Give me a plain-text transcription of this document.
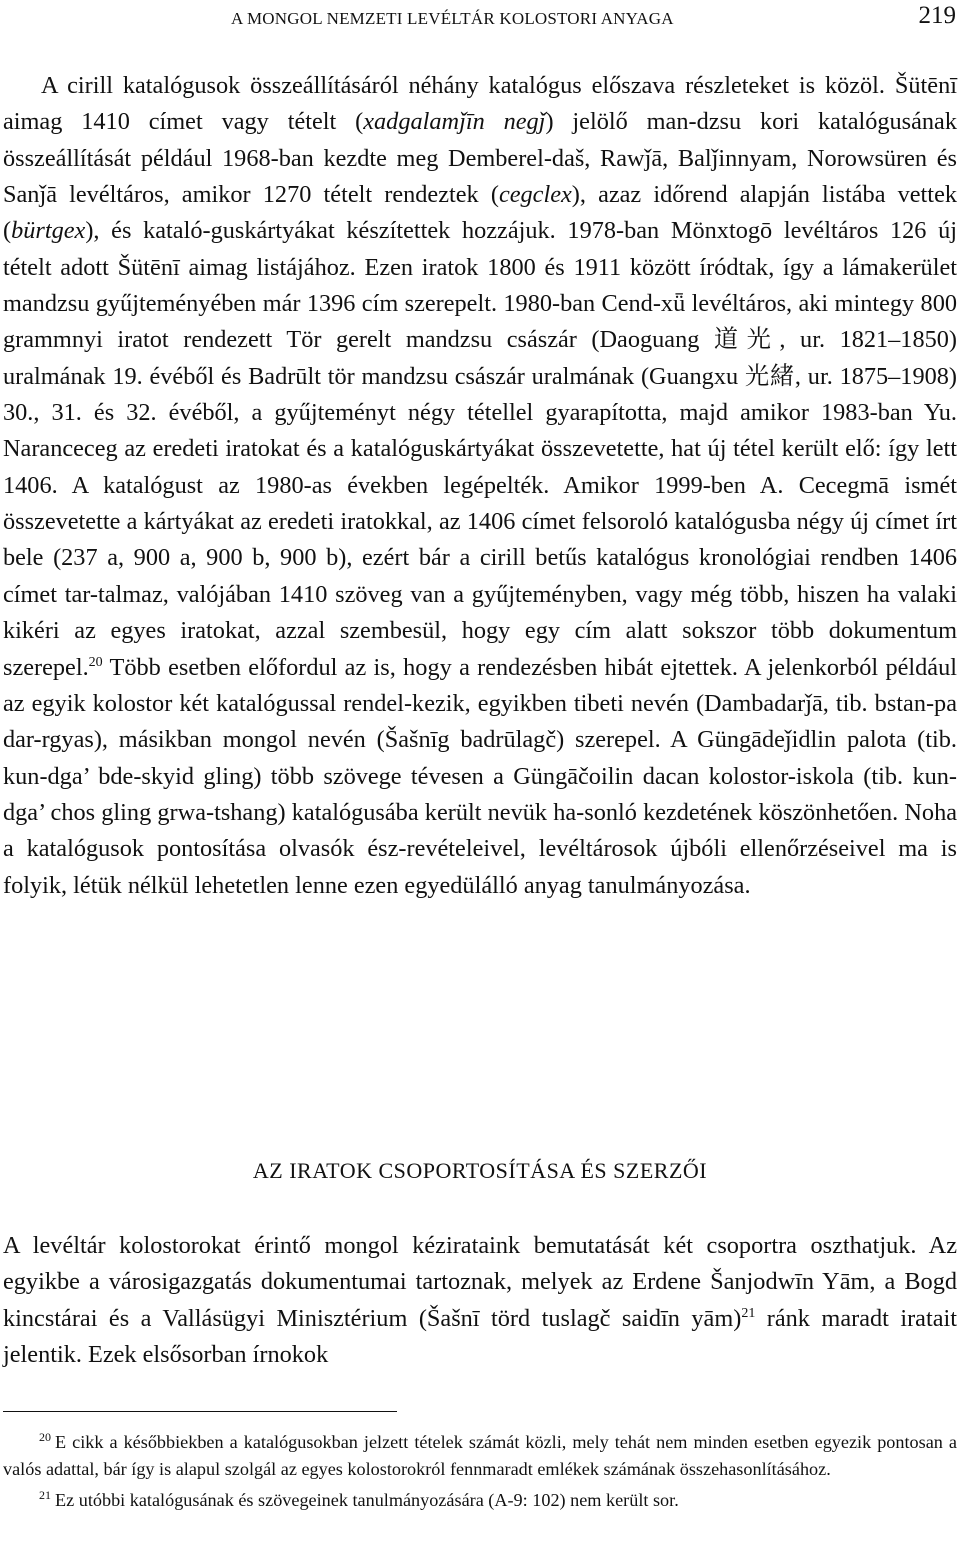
A MONGOL NEMZETI LEVÉLTÁR KOLOSTORI ANYAGA	219
A cirill katalógusok összeállításáról néhány katalógus előszava részleteket is közöl. Šütēnī aimag 1410 címet vagy tételt (xadgalamǰīn negǰ) jelölő man-dzsu kori katalógusának összeállítását például 1968-ban kezdte meg Demberel-daš, Rawǰā, Balǰinnyam, Norowsüren és Sanǰā levéltáros, amikor 1270 tételt rendeztek (cegclex), azaz időrend alapján listába vettek (bürtgex), és kataló-guskártyákat készítettek hozzájuk. 1978-ban Mönxtogō levéltáros 126 új tételt adott Šütēnī aimag listájához. Ezen iratok 1800 és 1911 között íródtak, így a lámakerület mandzsu gyűjteményében már 1396 cím szerepelt. 1980-ban Cend-xǖ levéltáros, aki mintegy 800 grammnyi iratot rendezett Tör gerelt mandzsu császár (Daoguang 道光, ur. 1821–1850) uralmának 19. évéből és Badrūlt tör mandzsu császár uralmának (Guangxu 光緒, ur. 1875–1908) 30., 31. és 32. évéből, a gyűjteményt négy tétellel gyarapította, majd amikor 1983-ban Yu. Naranceceg az eredeti iratokat és a katalóguskártyákat összevetette, hat új tétel került elő: így lett 1406. A katalógust az 1980-as években legépelték. Amikor 1999-ben A. Cecegmā ismét összevetette a kártyákat az eredeti iratokkal, az 1406 címet felsoroló katalógusba négy új címet írt bele (237 a, 900 a, 900 b, 900 b), ezért bár a cirill betűs katalógus kronológiai rendben 1406 címet tar-talmaz, valójában 1410 szöveg van a gyűjteményben, vagy még több, hiszen ha valaki kikéri az egyes iratokat, azzal szembesül, hogy egy cím alatt sokszor több dokumentum szerepel.$^{20}$ Több esetben előfordul az is, hogy a rendezésben hibát ejtettek. A jelenkorból például az egyik kolostor két katalógussal rendel-kezik, egyikben tibeti nevén (Dambadarǰā, tib. bstan-pa dar-rgyas), másikban mongol nevén (Šašnīg badrūlagč) szerepel. A Güngādeǰidlin palota (tib. kun-dga’ bde-skyid gling) több szövege tévesen a Güngāčoilin dacan kolostor-iskola (tib. kun-dga’ chos gling grwa-tshang) katalógusába került nevük ha-sonló kezdetének köszönhetően. Noha a katalógusok pontosítása olvasók ész-revételeivel, levéltárosok újbóli ellenőrzéseivel ma is folyik, létük nélkül lehetetlen lenne ezen egyedülálló anyag tanulmányozása.
AZ IRATOK CSOPORTOSÍTÁSA ÉS SZERZŐI
A levéltár kolostorokat érintő mongol kézirataink bemutatását két csoportra oszthatjuk. Az egyikbe a városigazgatás dokumentumai tartoznak, melyek az Erdene Šanjodwīn Yām, a Bogd kincstárai és a Vallásügyi Minisztérium (Šašnī törd tuslagč saidīn yām)$^{21}$ ránk maradt iratait jelentik. Ezek elsősorban írnokok

$^{20}$ E cikk a későbbiekben a katalógusokban jelzett tételek számát közli, mely tehát nem minden esetben egyezik pontosan a valós adattal, bár így is alapul szolgál az egyes kolostorokról fennmaradt emlékek számának összehasonlításához.

$^{21}$ Ez utóbbi katalógusának és szövegeinek tanulmányozására (A-9: 102) nem került sor.
